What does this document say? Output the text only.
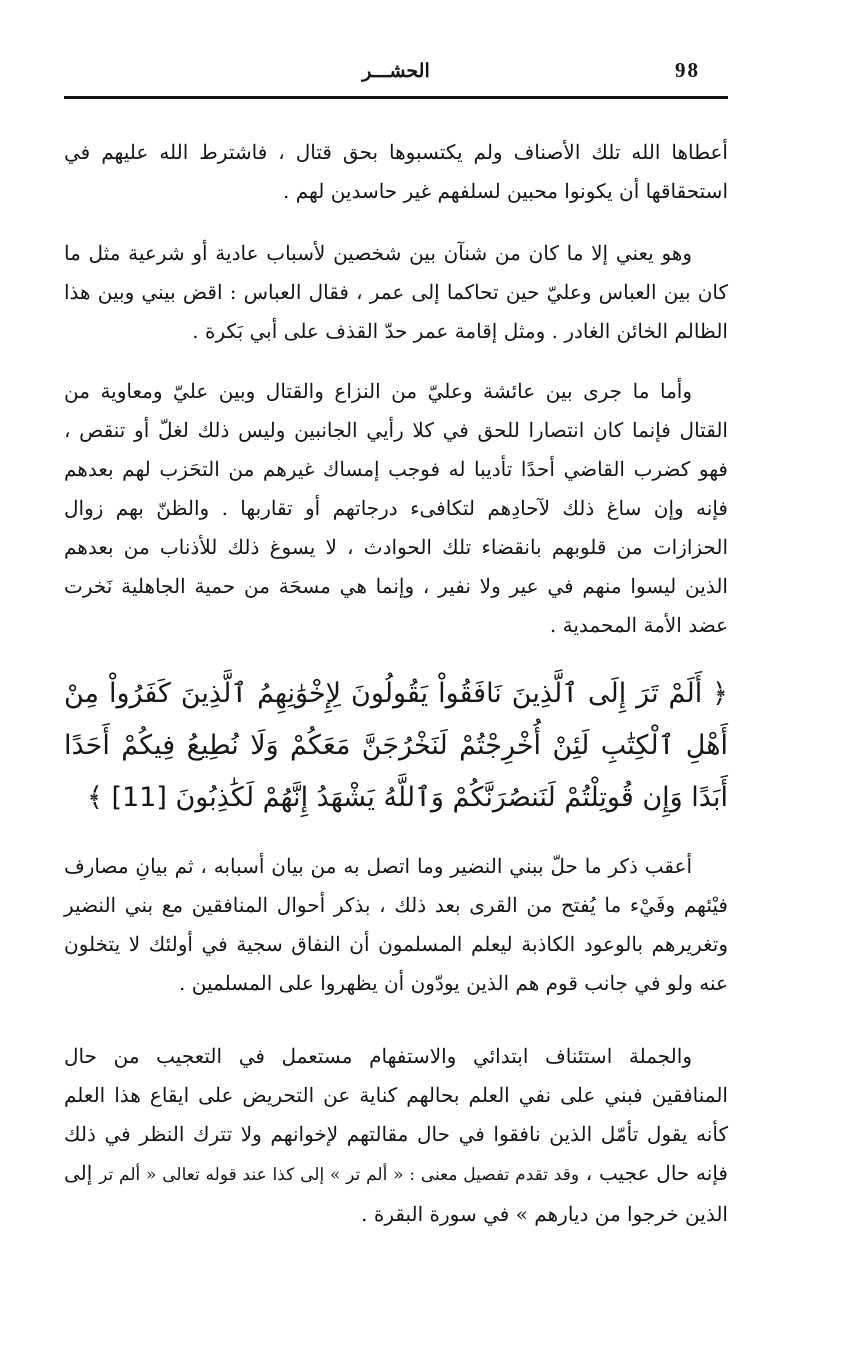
98
الحشـــر

أعطاها الله تلك الأصناف ولم يكتسبوها بحق قتال ، فاشترط الله عليهم في استحقاقها أن يكونوا محبين لسلفهم غير حاسدين لهم .

وهو يعني إلا ما كان من شنآن بين شخصين لأسباب عادية أو شرعية مثل ما كان بين العباس وعليّ حين تحاكما إلى عمر ، فقال العباس : اقض بيني وبين هذا الظالم الخائن الغادر . ومثل إقامة عمر حدّ القذف على أبي بَكرة .

وأما ما جرى بين عائشة وعليّ من النزاع والقتال وبين عليّ ومعاوية من القتال فإنما كان انتصارا للحق في كلا رأيي الجانبين وليس ذلك لغلّ أو تنقص ، فهو كضرب القاضي أحدًا تأديبا له فوجب إمساك غيرهم من التحَزب لهم بعدهم فإنه وإن ساغ ذلك لآحادِهم لتكافىء درجاتهم أو تقاربها . والظنّ بهم زوال الحزازات من قلوبهم بانقضاء تلك الحوادث ، لا يسوغ ذلك للأذناب من بعدهم الذين ليسوا منهم في عير ولا نفير ، وإنما هي مسحَة من حمية الجاهلية نَخرت عضد الأمة المحمدية .

﴿ أَلَمْ تَرَ إِلَى ٱلَّذِينَ نَافَقُواْ يَقُولُونَ لِإِخْوَٰنِهِمُ ٱلَّذِينَ كَفَرُواْ مِنْ أَهْلِ ٱلْكِتَٰبِ لَئِنْ أُخْرِجْتُمْ لَنَخْرُجَنَّ مَعَكُمْ وَلَا نُطِيعُ فِيكُمْ أَحَدًا أَبَدًا وَإِن قُوتِلْتُمْ لَنَنصُرَنَّكُمْ وَٱللَّهُ يَشْهَدُ إِنَّهُمْ لَكَٰذِبُونَ [11] ﴾

أعقب ذكر ما حلّ ببني النضير وما اتصل به من بيان أسبابه ، ثم بيانِ مصارف فيْئهم وفَيْء ما يُفتح من القرى بعد ذلك ، بذكر أحوال المنافقين مع بني النضير وتغريرهم بالوعود الكاذبة ليعلم المسلمون أن النفاق سجية في أولئك لا يتخلون عنه ولو في جانب قوم هم الذين يودّون أن يظهروا على المسلمين .

والجملة استئناف ابتدائي والاستفهام مستعمل في التعجيب من حال المنافقين فبني على نفي العلم بحالهم كناية عن التحريض على ايقاع هذا العلم كأنه يقول تأمّل الذين نافقوا في حال مقالتهم لإخوانهم ولا تترك النظر في ذلك فإنه حال عجيب ، وقد تقدم تفصيل معنى : « ألم تر » إلى كذا عند قوله تعالى « ألم تر إلى الذين خرجوا من ديارهم » في سورة البقرة .
